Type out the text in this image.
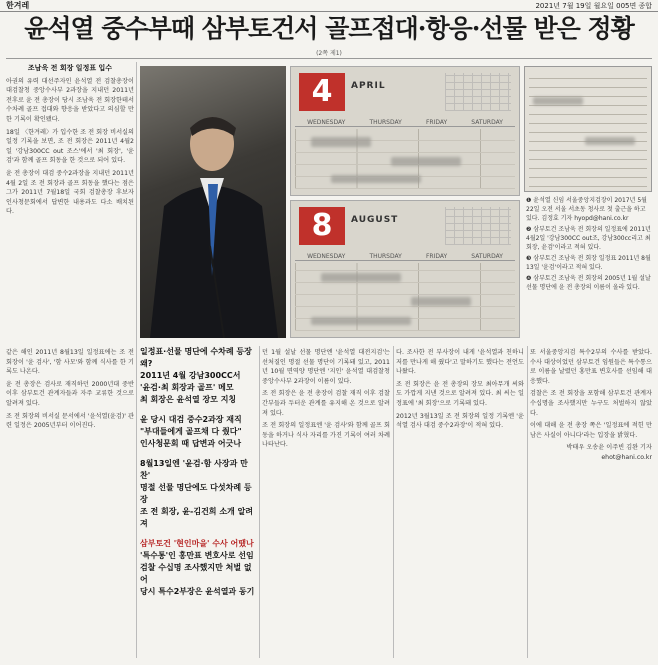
한겨레	2021년 7월 19일 월요일 005면 종합
윤석열 중수부때 삼부토건서 골프접대·항응·선물 받은 정황
(2쪽 제1)
조남욱 전 회장 일정표 입수

아권의 유력 대선주자인 윤석열 전 검찰총장이 대검찰청 중앙수사부 2과장을 지내던 2011년 전후로 윤 전 총장이 당시 조남욱 전 회장한테서 수차례 골프 접대와 향응을 받았다고 의심할 만한 기록이 확인됐다.

18일 〈한겨레〉가 입수한 조 전 회장 비서실의 일정 기록을 보면, 조 전 회장은 2011년 4월2일 '강남300CC out 조스'에서 '최 회장', '윤검'과 함께 골프 회동을 한 것으로 되어 있다.

윤 전 총장이 대검 중수2과장을 지내던 2011년 4월 2일 조 전 회장과 골프 회동을 했다는 점은 그가 2011년 7월18일 국회 검찰총장 후보자 인사청문회에서 답변한 내용과도 다소 배치된다.

같은 해인 2011년 8월13일 일정표에는 조 전 회장이 '윤 검사', '함 사모'와 함께 식사를 한 기록도 나온다.

윤 전 총장은 검사로 재직하던 2000년대 중반 이후 삼부토건 관계자들과 자주 교류한 것으로 알려져 있다.

조 전 회장의 비서실 문서에서 '윤석열(윤검)' 관련 일정은 2005년부터 이어진다.

4	APRIL
WEDNESDAY	THURSDAY	FRIDAY	SATURDAY
8	AUGUST
WEDNESDAY	THURSDAY	FRIDAY	SATURDAY

❶ 윤석열 신임 서울중앙지검장이 2017년 5월22일 오전 서울 서초동 청사로 첫 출근을 하고 있다. 김정효 기자 hyopd@hani.co.kr

❷ 삼부토건 조남욱 전 회장의 일정표에 2011년 4월2일 '강남300CC out조, 강남300cc리고 최 회장, 윤검'이라고 적혀 있다.

❸ 삼부토건 조남욱 전 회장 일정표 2011년 8월13일 '윤검'이라고 적혀 있다.

❹ 삼부토건 조남욱 전 회장의 2005년 1월 설날 선물 명단에 윤 전 총장의 이름이 올라 있다.

일정표·선물 명단에 수차례 등장 왜?
2011년 4월 강남300CC서
'윤검·최 회장과 골프' 메모
최 회장은 윤석열 장모 지칭
윤 당시 대검 중수2과장 재직
"부대들에게 골프채 다 줬다"
인사청문회 때 답변과 어긋나
8월13일엔 '윤검·함 사장과 만찬'
명절 선물 명단에도 다섯차례 등장
조 전 회장, 윤-김건희 소개 알려져
삼부토건 '현인마을' 수사 어땠나
'특수통'인 홍만표 변호사로 선임
검찰 수십명 조사했지만 처벌 없어
당시 특수2부장은 윤석열과 동기

던 1월 설날 선물 명단엔 '윤석열 대전지검'는 선처질인 명절 선물 명단이 기록돼 있고, 2011년 10월 면역양 명단엔 '지인' 윤석열 대검찰청 중앙수사부 2과장이 이름이 있다.

조 전 회장은 윤 전 총장이 검찰 재직 이후 검찰 간부들과 두터운 관계를 유지해 온 것으로 알려져 있다.

조 전 회장의 일정표엔 '윤 검사'와 함께 골프 회동을 하거나 식사 자리를 가진 기록이 여러 차례 나타난다.

다. 조사한 전 부사장이 내게 '윤석열과 친하니 저를 만나게 해 줬다'고 말하기도 했다는 전언도 나왔다.

조 전 회장은 윤 전 총장의 장모 최아무개 씨와도 가깝게 지낸 것으로 알려져 있다. 최 씨는 일정표에 '최 회장'으로 기록돼 있다.

2012년 3월13일 조 전 회장의 일정 기록엔 '윤석열 검사 대검 중수2과장'이 적혀 있다.

또 서울중앙지검 특수2부의 수사를 받았다. 수사 대상이었던 삼부토건 임원들은 특수통으로 이름을 날렸던 홍만표 변호사를 선임해 대응했다.

검찰은 조 전 회장을 포함해 삼부토건 관계자 수십명을 조사했지만 누구도 처벌하지 않았다.

이에 대해 윤 전 총장 쪽은 '일정표에 적힌 만남은 사실이 아니다'라는 입장을 밝혔다.

박태우 오송윤 이주빈 김완 기자 ehot@hani.co.kr
